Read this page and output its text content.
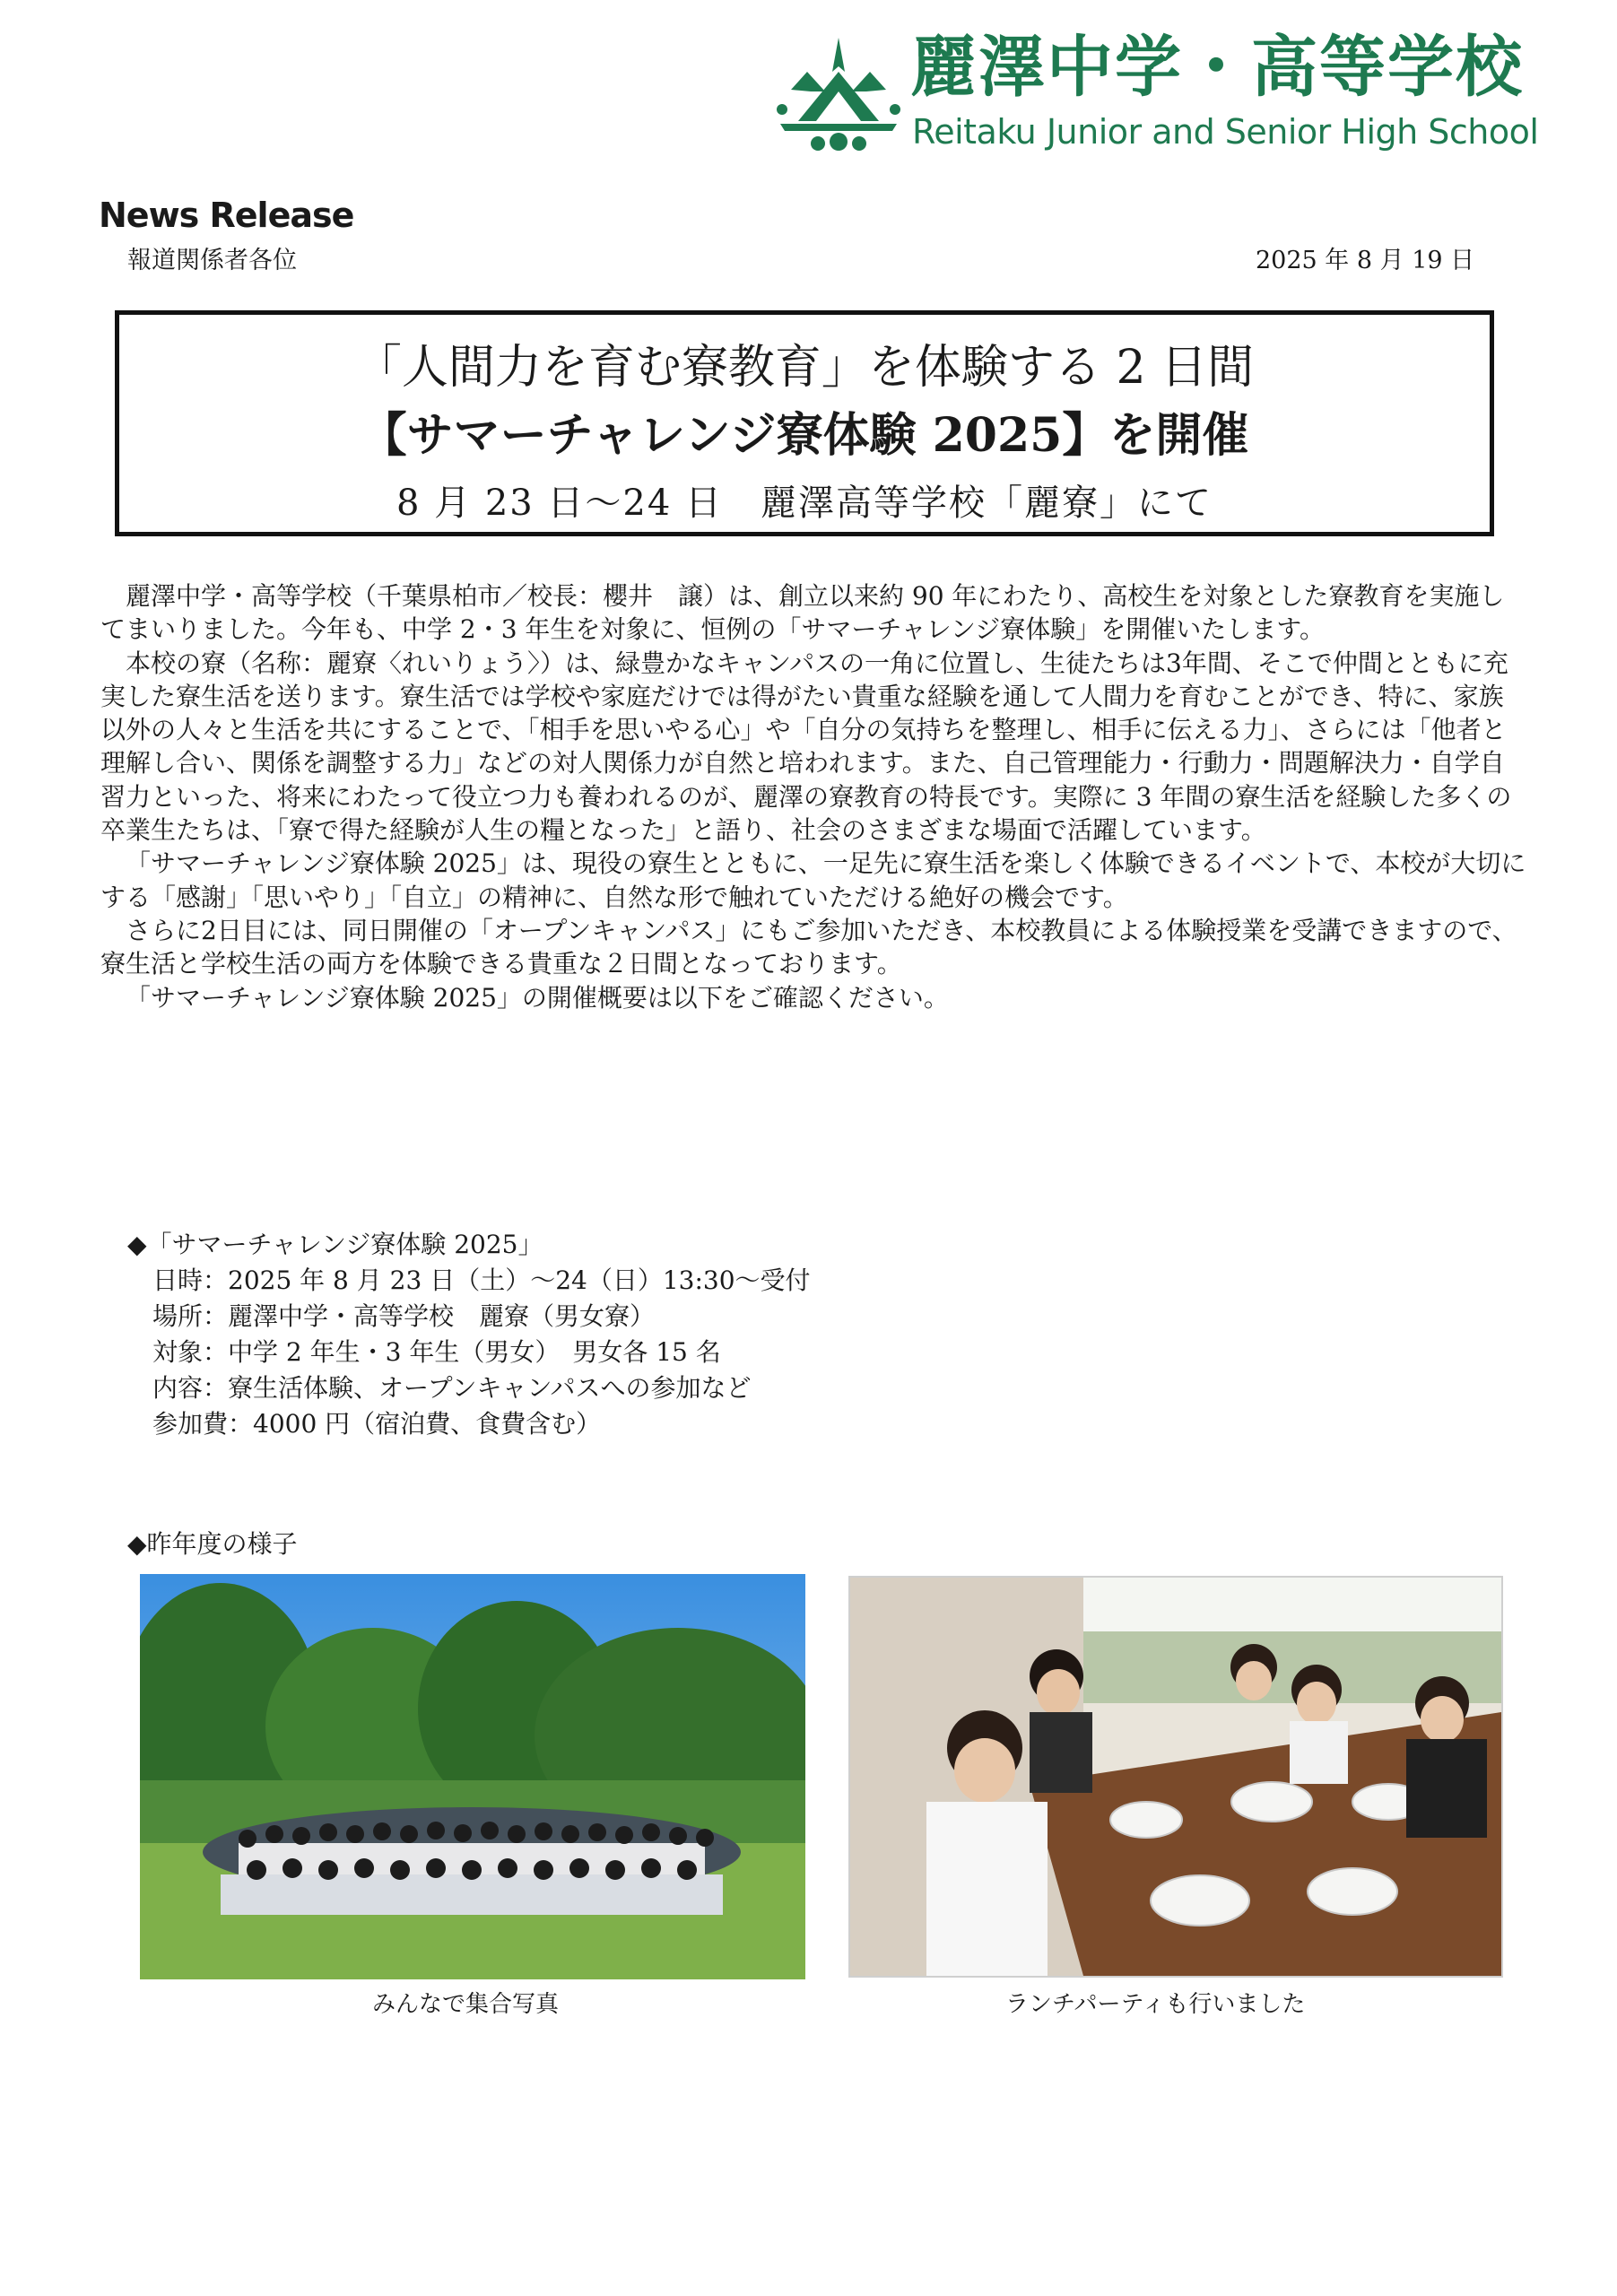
麗澤中学・高等学校
Reitaku Junior and Senior High School
News Release
報道関係者各位	2025 年 8 月 19 日
「人間力を育む寮教育」を体験する 2 日間
【サマーチャレンジ寮体験 2025】を開催
8 月 23 日～24 日　麗澤高等学校「麗寮」にて

麗澤中学・高等学校（千葉県柏市／校長：櫻井　譲）は、創立以来約 90 年にわたり、高校生を対象とした寮教育を実施してまいりました。今年も、中学 2・3 年生を対象に、恒例の「サマーチャレンジ寮体験」を開催いたします。

本校の寮（名称：麗寮〈れいりょう〉）は、緑豊かなキャンパスの一角に位置し、生徒たちは3年間、そこで仲間とともに充実した寮生活を送ります。寮生活では学校や家庭だけでは得がたい貴重な経験を通して人間力を育むことができ、特に、家族以外の人々と生活を共にすることで、「相手を思いやる心」や「自分の気持ちを整理し、相手に伝える力」、さらには「他者と理解し合い、関係を調整する力」などの対人関係力が自然と培われます。また、自己管理能力・行動力・問題解決力・自学自習力といった、将来にわたって役立つ力も養われるのが、麗澤の寮教育の特長です。実際に 3 年間の寮生活を経験した多くの卒業生たちは、「寮で得た経験が人生の糧となった」と語り、社会のさまざまな場面で活躍しています。

「サマーチャレンジ寮体験 2025」は、現役の寮生とともに、一足先に寮生活を楽しく体験できるイベントで、本校が大切にする「感謝」「思いやり」「自立」の精神に、自然な形で触れていただける絶好の機会です。

さらに2日目には、同日開催の「オープンキャンパス」にもご参加いただき、本校教員による体験授業を受講できますので、寮生活と学校生活の両方を体験できる貴重な２日間となっております。

「サマーチャレンジ寮体験 2025」の開催概要は以下をご確認ください。

◆「サマーチャレンジ寮体験 2025」
日時：2025 年 8 月 23 日（土）～24（日）13:30～受付
場所：麗澤中学・高等学校　麗寮（男女寮）
対象：中学 2 年生・3 年生（男女）　男女各 15 名
内容：寮生活体験、オープンキャンパスへの参加など
参加費：4000 円（宿泊費、食費含む）
◆昨年度の様子
みんなで集合写真	ランチパーティも行いました
